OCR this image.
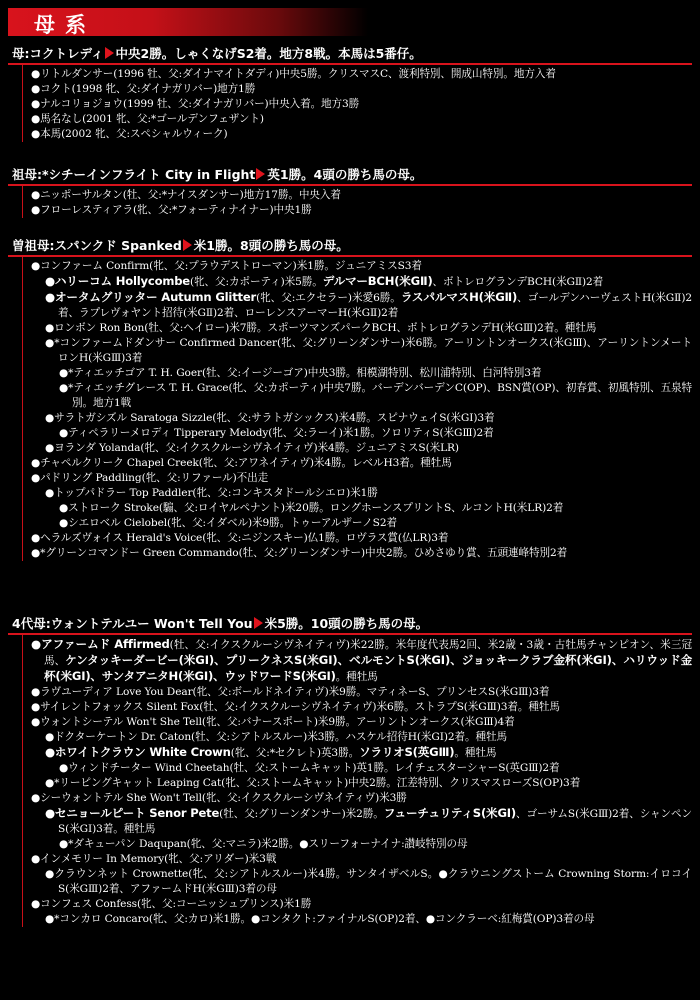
母系
母:コクトレディ 中央2勝。しゃくなげS2着。地方8戦。本馬は5番仔。
●リトルダンサー(1996 牡、父:ダイナマイトダディ)中央5勝。クリスマスC、渡利特別、開成山特別。地方入着
●コクト(1998 牝、父:ダイナガリバー)地方1勝
●ナルコリョジョウ(1999 牡、父:ダイナガリバー)中央入着。地方3勝
●馬名なし(2001 牝、父:*ゴールデンフェザント)
●本馬(2002 牝、父:スペシャルウィーク)
祖母:*シチーインフライト City in Flight 英1勝。4頭の勝ち馬の母。
●ニッポーサルタン(牡、父:*ナイスダンサー)地方17勝。中央入着
●フローレスティアラ(牝、父:*フォーティナイナー)中央1勝
曽祖母:スパンクド Spanked 米1勝。8頭の勝ち馬の母。
●コンファーム Confirm(牝、父:プラウデストローマン)米1勝。ジュニアミスS3着
●ハリーコム Hollycombe(牝、父:カポーティ)米5勝。デルマーBCH(米GⅡ)、ボトレログランデBCH(米GⅡ)2着
●オータムグリッター Autumn Glitter(牝、父:エクセラー)米愛6勝。ラスパルマスH(米GⅡ)、ゴールデンハーヴェストH(米GⅡ)2着、ラプレヴォヤント招待(米GⅡ)2着、ローレンスアーマーH(米GⅡ)2着
●ロンボン Ron Bon(牡、父:ヘイロー)米7勝。スポーツマンズパークBCH、ボトレログランデH(米GⅢ)2着。種牡馬
●*コンファームドダンサー Confirmed Dancer(牝、父:グリーンダンサー)米6勝。アーリントンオークス(米GⅢ)、アーリントンメートロンH(米GⅢ)3着
●*ティエッチゴア T. H. Goer(牡、父:イージーゴア)中央3勝。相模湖特別、松川浦特別、白河特別3着
●*ティエッチグレース T. H. Grace(牝、父:カポーティ)中央7勝。バーデンバーデンC(OP)、BSN賞(OP)、初春賞、初風特別、五泉特別。地方1戦
●サラトガシズル Saratoga Sizzle(牝、父:サラトガシックス)米4勝。スピナウェイS(米GⅠ)3着
●ティペラリーメロディ Tipperary Melody(牝、父:ラーイ)米1勝。ソロリティS(米GⅢ)2着
●ヨランダ Yolanda(牝、父:イクスクルーシヴネイティヴ)米4勝。ジュニアミスS(米LR)
●チャペルクリーク Chapel Creek(牝、父:アワネイティヴ)米4勝。レベルH3着。種牡馬
●パドリング Paddling(牝、父:リファール)不出走
●トップパドラー Top Paddler(牝、父:コンキスタドールシエロ)米1勝
●ストローク Stroke(騸、父:ロイヤルペナント)米20勝。ロングホーンスプリントS、ルコントH(米LR)2着
●シエロベル Cielobel(牝、父:イダベル)米9勝。トゥーアルザーノS2着
●ヘラルズヴォイス Herald's Voice(牝、父:ニジンスキー)仏1勝。ロヴラス賞(仏LR)3着
●*グリーンコマンドー Green Commando(牡、父:グリーンダンサー)中央2勝。ひめさゆり賞、五頭連峰特別2着
4代母:ウォントテルユー Won't Tell You 米5勝。10頭の勝ち馬の母。
●アファームド Affirmed(牡、父:イクスクルーシヴネイティヴ)米22勝。米年度代表馬2回、米2歳・3歳・古牡馬チャンピオン、米三冠馬、ケンタッキーダービー(米GⅠ)、プリークネスS(米GⅠ)、ベルモントS(米GⅠ)、ジョッキークラブ金杯(米GⅠ)、ハリウッド金杯(米GⅠ)、サンタアニタH(米GⅠ)、ウッドワードS(米GⅠ)。種牡馬
●ラヴユーディア Love You Dear(牝、父:ボールドネイティヴ)米9勝。マティネーS、プリンセスS(米GⅢ)3着
●サイレントフォックス Silent Fox(牡、父:イクスクルーシヴネイティヴ)米6勝。ストラプS(米GⅢ)3着。種牡馬
●ウォントシーテル Won't She Tell(牝、父:バナースポート)米9勝。アーリントンオークス(米GⅢ)4着
●ドクターケートン Dr. Caton(牡、父:シアトルスルー)米3勝。ハスケル招待H(米GⅠ)2着。種牡馬
●ホワイトクラウン White Crown(牝、父:*セクレト)英3勝。ソラリオS(英GⅢ)。種牡馬
●ウィンドチーター Wind Cheetah(牡、父:ストームキャット)英1勝。レイチェスターシャーS(英GⅢ)2着
●*リーピングキャット Leaping Cat(牝、父:ストームキャット)中央2勝。江差特別、クリスマスローズS(OP)3着
●シーウォントテル She Won't Tell(牝、父:イクスクルーシヴネイティヴ)米3勝
●セニョールピート Senor Pete(牡、父:グリーンダンサー)米2勝。フューチュリティS(米GⅠ)、ゴーサムS(米GⅢ)2着、シャンペンS(米GⅠ)3着。種牡馬
●*ダキューパン Daqupan(牝、父:マニラ)米2勝。●スリーフォーナイナ:讃岐特別の母
●インメモリー In Memory(牝、父:アリダー)米3戦
●クラウンネット Crownette(牝、父:シアトルスルー)米4勝。サンタイザベルS。●クラウニングストーム Crowning Storm:イロコイS(米GⅢ)2着、アファームドH(米GⅢ)3着の母
●コンフェス Confess(牝、父:コーニッシュプリンス)米1勝
●*コンカロ Concaro(牝、父:カロ)米1勝。●コンタクト:ファイナルS(OP)2着、●コンクラーベ:紅梅賞(OP)3着の母
